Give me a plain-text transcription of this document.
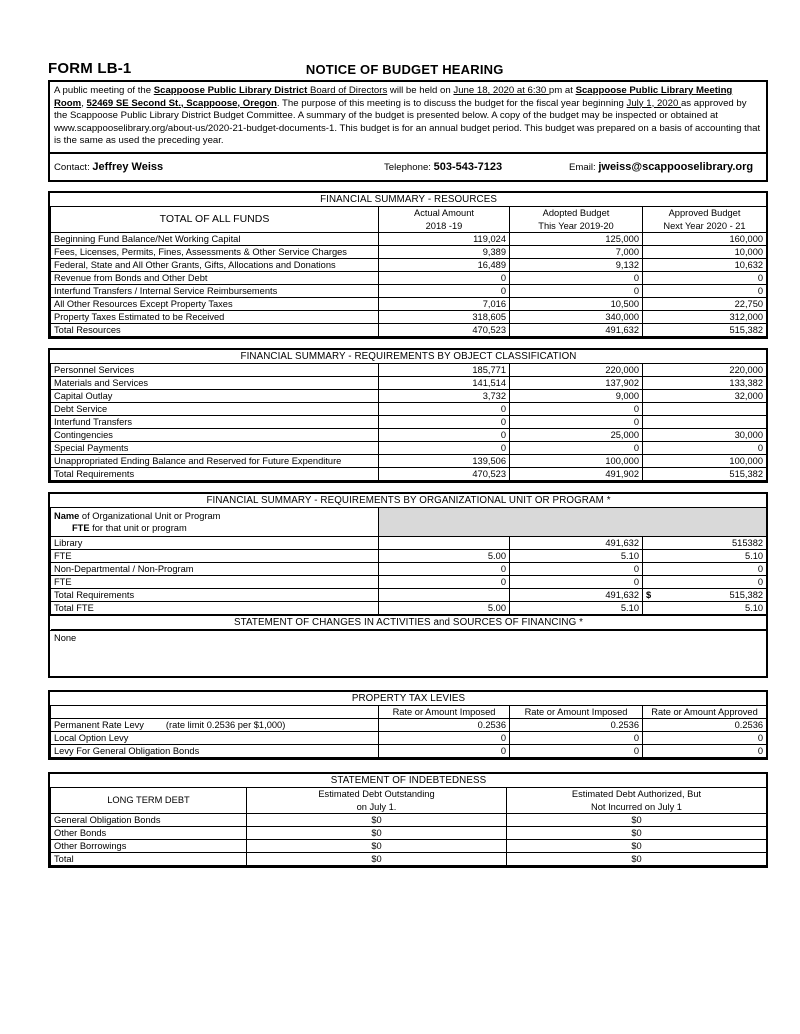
FORM LB-1	NOTICE OF BUDGET HEARING
A public meeting of the Scappoose Public Library District Board of Directors will be held on June 18, 2020 at 6:30 pm at Scappoose Public Library Meeting Room, 52469 SE Second St., Scappoose, Oregon. The purpose of this meeting is to discuss the budget for the fiscal year beginning July 1, 2020 as approved by the Scappoose Public Library District Budget Committee. A summary of the budget is presented below. A copy of the budget may be inspected or obtained at www.scappooselibrary.org/about-us/2020-21-budget-documents-1. This budget is for an annual budget period. This budget was prepared on a basis of accounting that is the same as used the preceding year.
Contact: Jeffrey Weiss	Telephone: 503-543-7123	Email: jweiss@scappooselibrary.org
FINANCIAL SUMMARY - RESOURCES			
TOTAL OF ALL FUNDS	Actual Amount	Adopted Budget	Approved Budget
	2018 -19	This Year 2019-20	Next Year 2020 - 21
Beginning Fund Balance/Net Working Capital	119,024	125,000	160,000
Fees, Licenses, Permits, Fines, Assessments & Other Service Charges	9,389	7,000	10,000
Federal, State and All Other Grants, Gifts, Allocations and Donations	16,489	9,132	10,632
Revenue from Bonds and Other Debt	0	0	0
Interfund Transfers / Internal Service Reimbursements	0	0	0
All Other Resources Except Property Taxes	7,016	10,500	22,750
Property Taxes Estimated to be Received	318,605	340,000	312,000
Total Resources	470,523	491,632	515,382
FINANCIAL SUMMARY - REQUIREMENTS BY OBJECT CLASSIFICATION			
Personnel Services	185,771	220,000	220,000
Materials and Services	141,514	137,902	133,382
Capital Outlay	3,732	9,000	32,000
Debt Service	0	0	
Interfund Transfers	0	0	
Contingencies	0	25,000	30,000
Special Payments	0	0	0
Unappropriated Ending Balance and Reserved for Future Expenditure	139,506	100,000	100,000
Total Requirements	470,523	491,902	515,382
FINANCIAL SUMMARY - REQUIREMENTS BY ORGANIZATIONAL UNIT OR PROGRAM *			
Name of Organizational Unit or Program
FTE for that unit or program			
Library		491,632	515382
FTE	5.00	5.10	5.10
Non-Departmental / Non-Program	0	0	0
FTE	0	0	0
Total Requirements		491,632	$ 515,382
Total FTE	5.00	5.10	5.10
STATEMENT OF CHANGES IN ACTIVITIES and SOURCES OF FINANCING *			
None
PROPERTY TAX LEVIES			
	Rate or Amount Imposed	Rate or Amount Imposed	Rate or Amount Approved
Permanent Rate Levy (rate limit 0.2536 per $1,000)	0.2536	0.2536	0.2536
Local Option Levy	0	0	0
Levy For General Obligation Bonds	0	0	0
STATEMENT OF INDEBTEDNESS		
LONG TERM DEBT	Estimated Debt Outstanding	Estimated Debt Authorized, But
	on July 1.	Not Incurred on July 1
General Obligation Bonds	$0	$0
Other Bonds	$0	$0
Other Borrowings	$0	$0
Total	$0	$0
